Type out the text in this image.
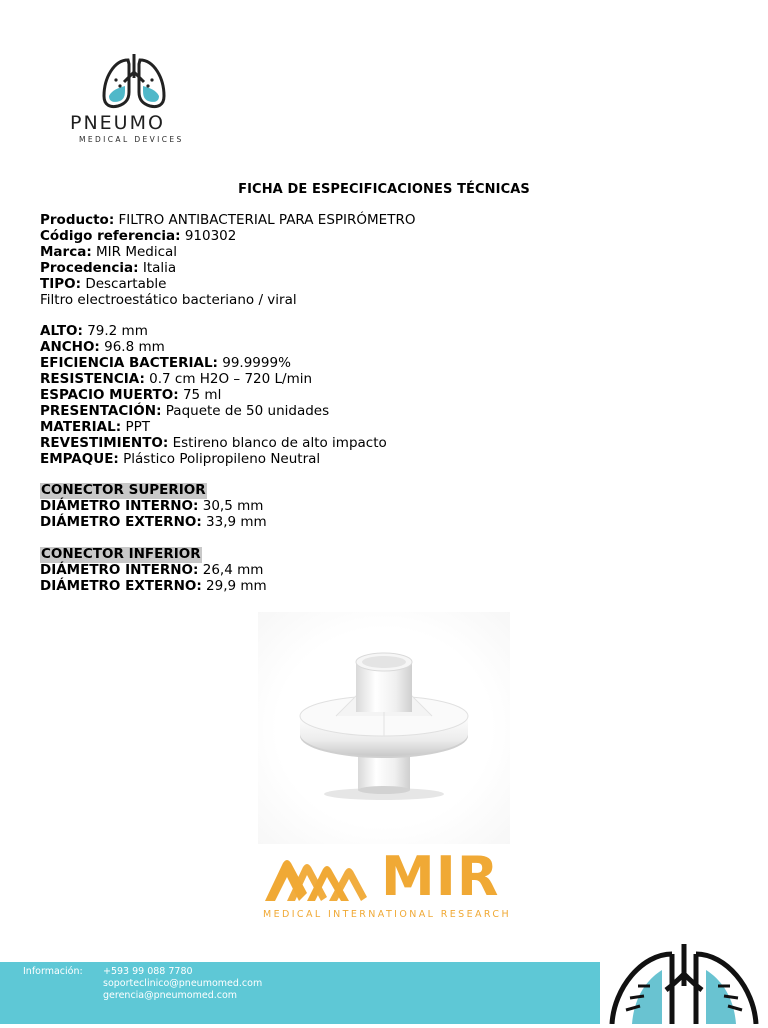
PNEUMO
MEDICAL DEVICES
FICHA DE ESPECIFICACIONES TÉCNICAS
Producto: FILTRO ANTIBACTERIAL PARA ESPIRÓMETRO
Código referencia: 910302
Marca: MIR Medical
Procedencia: Italia
TIPO: Descartable
Filtro electroestático bacteriano / viral
ALTO: 79.2 mm
ANCHO: 96.8 mm
EFICIENCIA BACTERIAL: 99.9999%
RESISTENCIA: 0.7 cm H2O – 720 L/min
ESPACIO MUERTO: 75 ml
PRESENTACIÓN: Paquete de 50 unidades
MATERIAL: PPT
REVESTIMIENTO: Estireno blanco de alto impacto
EMPAQUE: Plástico Polipropileno Neutral
CONECTOR SUPERIOR
DIÁMETRO INTERNO: 30,5 mm
DIÁMETRO EXTERNO: 33,9 mm
CONECTOR INFERIOR
DIÁMETRO INTERNO: 26,4 mm
DIÁMETRO EXTERNO: 29,9 mm
MIR
MEDICAL INTERNATIONAL RESEARCH
Información: +593 99 088 7780
soporteclinico@pneumomed.com
gerencia@pneumomed.com
